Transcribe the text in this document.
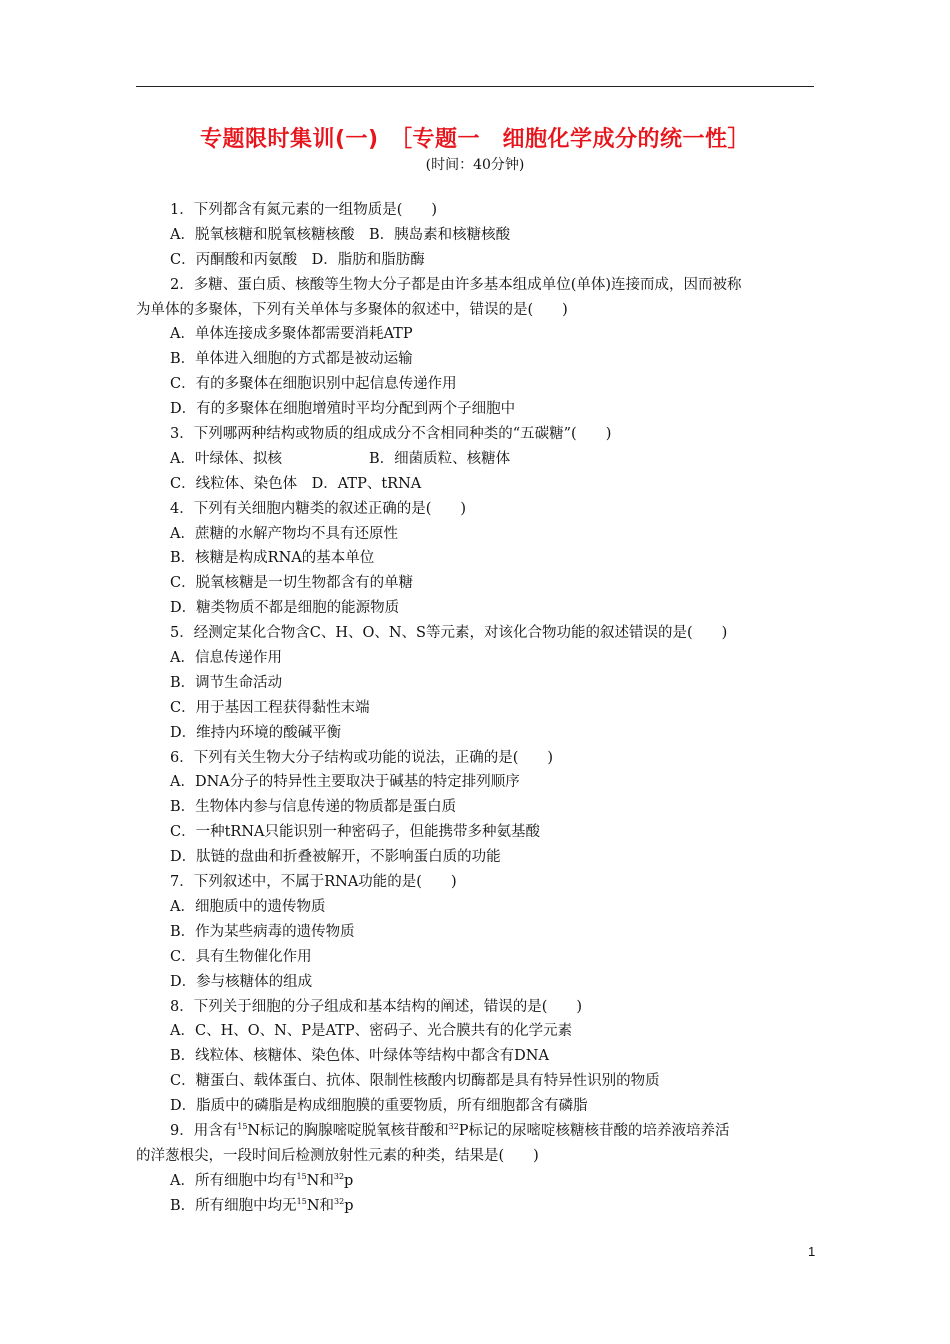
专题限时集训(一)　［专题一　细胞化学成分的统一性］
(时间：40分钟)
1．下列都含有氮元素的一组物质是(　　)
A．脱氧核糖和脱氧核糖核酸　B．胰岛素和核糖核酸
C．丙酮酸和丙氨酸　D．脂肪和脂肪酶
2．多糖、蛋白质、核酸等生物大分子都是由许多基本组成单位(单体)连接而成，因而被称
为单体的多聚体，下列有关单体与多聚体的叙述中，错误的是(　　)
A．单体连接成多聚体都需要消耗ATP
B．单体进入细胞的方式都是被动运输
C．有的多聚体在细胞识别中起信息传递作用
D．有的多聚体在细胞增殖时平均分配到两个子细胞中
3．下列哪两种结构或物质的组成成分不含相同种类的“五碳糖”(　　)
A．叶绿体、拟核　　　　　　B．细菌质粒、核糖体
C．线粒体、染色体　D．ATP、tRNA
4．下列有关细胞内糖类的叙述正确的是(　　)
A．蔗糖的水解产物均不具有还原性
B．核糖是构成RNA的基本单位
C．脱氧核糖是一切生物都含有的单糖
D．糖类物质不都是细胞的能源物质
5．经测定某化合物含C、H、O、N、S等元素，对该化合物功能的叙述错误的是(　　)
A．信息传递作用
B．调节生命活动
C．用于基因工程获得黏性末端
D．维持内环境的酸碱平衡
6．下列有关生物大分子结构或功能的说法，正确的是(　　)
A．DNA分子的特异性主要取决于碱基的特定排列顺序
B．生物体内参与信息传递的物质都是蛋白质
C．一种tRNA只能识别一种密码子，但能携带多种氨基酸
D．肽链的盘曲和折叠被解开，不影响蛋白质的功能
7．下列叙述中，不属于RNA功能的是(　　)
A．细胞质中的遗传物质
B．作为某些病毒的遗传物质
C．具有生物催化作用
D．参与核糖体的组成
8．下列关于细胞的分子组成和基本结构的阐述，错误的是(　　)
A．C、H、O、N、P是ATP、密码子、光合膜共有的化学元素
B．线粒体、核糖体、染色体、叶绿体等结构中都含有DNA
C．糖蛋白、载体蛋白、抗体、限制性核酸内切酶都是具有特异性识别的物质
D．脂质中的磷脂是构成细胞膜的重要物质，所有细胞都含有磷脂
9．用含有$^{15}$N标记的胸腺嘧啶脱氧核苷酸和$^{32}$P标记的尿嘧啶核糖核苷酸的培养液培养活
的洋葱根尖，一段时间后检测放射性元素的种类，结果是(　　)
A．所有细胞中均有$^{15}$N和$^{32}$p
B．所有细胞中均无$^{15}$N和$^{32}$p
1
